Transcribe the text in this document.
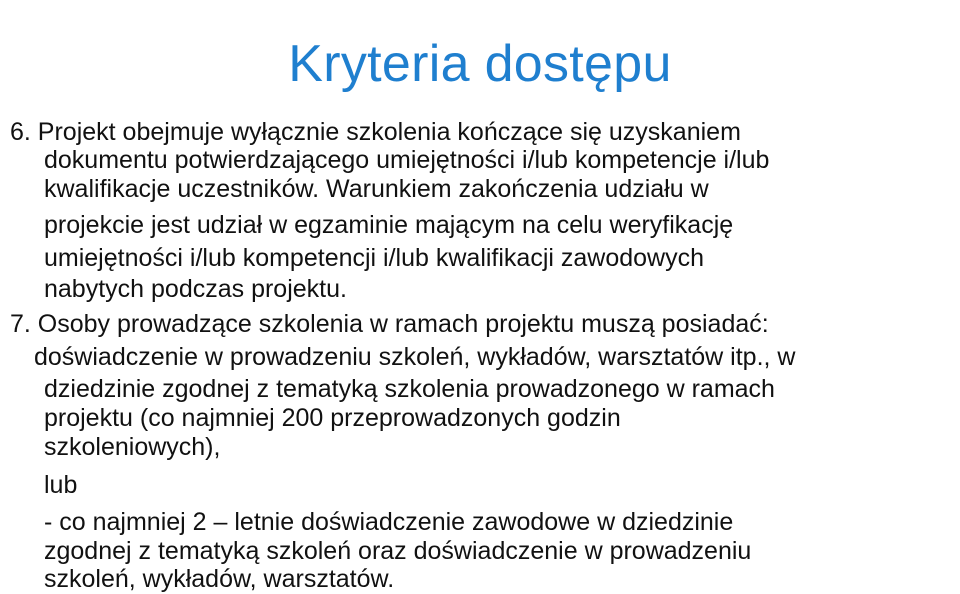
Kryteria dostępu
6. Projekt obejmuje wyłącznie szkolenia kończące się uzyskaniem
dokumentu potwierdzającego umiejętności i/lub kompetencje i/lub
kwalifikacje uczestników. Warunkiem zakończenia udziału w
projekcie jest udział w egzaminie mającym na celu weryfikację
umiejętności i/lub kompetencji i/lub kwalifikacji zawodowych
nabytych podczas projektu.
7. Osoby prowadzące szkolenia w ramach projektu muszą posiadać:
doświadczenie w prowadzeniu szkoleń, wykładów, warsztatów itp., w
dziedzinie zgodnej z tematyką szkolenia prowadzonego w ramach
projektu (co najmniej 200 przeprowadzonych godzin
szkoleniowych),
lub
- co najmniej 2 – letnie doświadczenie zawodowe w dziedzinie
zgodnej z tematyką szkoleń oraz doświadczenie w prowadzeniu
szkoleń, wykładów, warsztatów.
